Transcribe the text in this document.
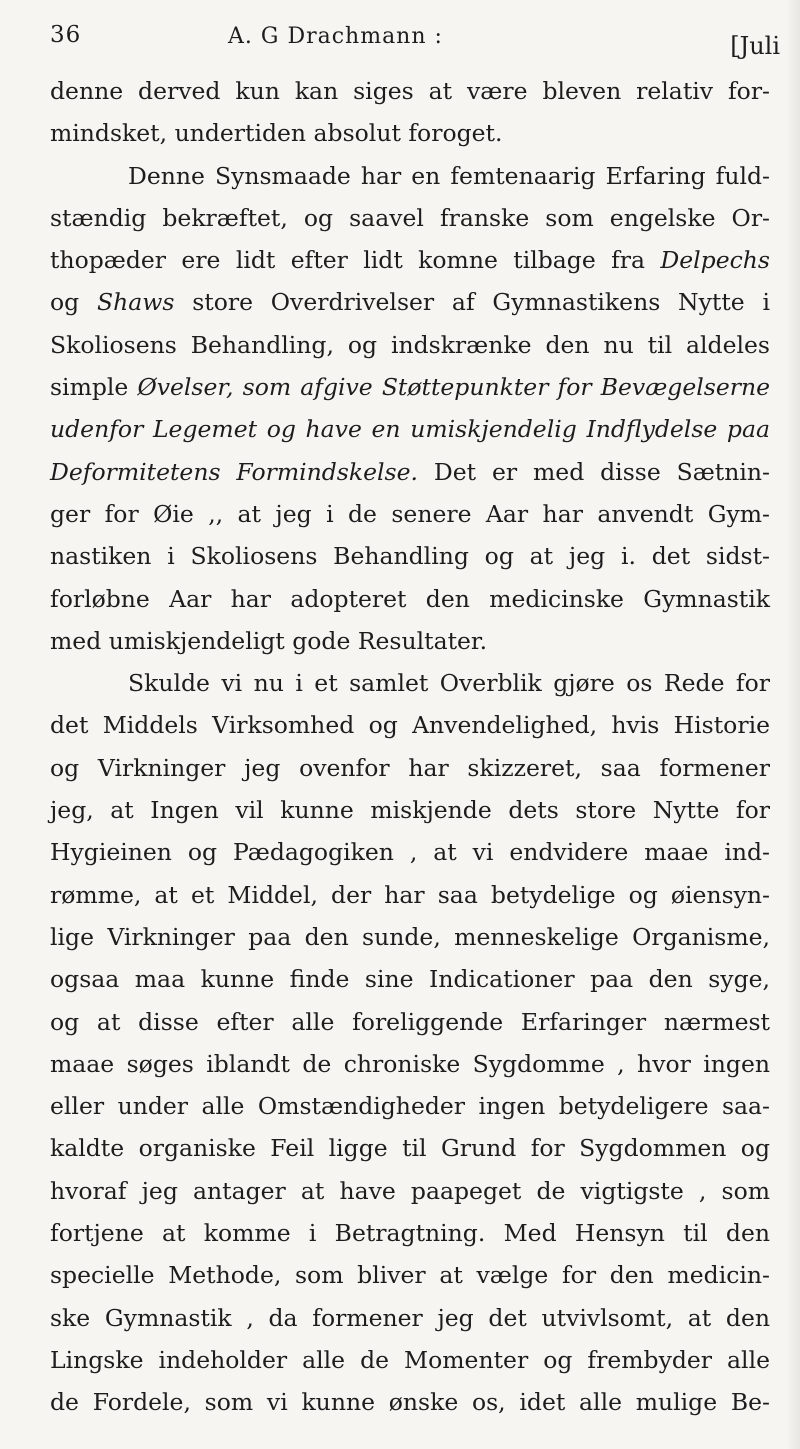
36	A. G Drachmann :	[Juli

denne derved kun kan siges at være bleven relativ for-

mindsket, undertiden absolut foroget.

Denne Synsmaade har en femtenaarig Erfaring fuld-

stændig bekræftet, og saavel franske som engelske Or-

thopæder ere lidt efter lidt komne tilbage fra Delpechs

og Shaws store Overdrivelser af Gymnastikens Nytte i

Skoliosens Behandling, og indskrænke den nu til aldeles

simple Øvelser, som afgive Støttepunkter for Bevægelserne

udenfor Legemet og have en umiskjendelig Indflydelse paa

Deformitetens Formindskelse. Det er med disse Sætnin-

ger for Øie ,, at jeg i de senere Aar har anvendt Gym-

nastiken i Skoliosens Behandling og at jeg i. det sidst-

forløbne Aar har adopteret den medicinske Gymnastik

med umiskjendeligt gode Resultater.

Skulde vi nu i et samlet Overblik gjøre os Rede for

det Middels Virksomhed og Anvendelighed, hvis Historie

og Virkninger jeg ovenfor har skizzeret, saa formener

jeg, at Ingen vil kunne miskjende dets store Nytte for

Hygieinen og Pædagogiken , at vi endvidere maae ind-

rømme, at et Middel, der har saa betydelige og øiensyn-

lige Virkninger paa den sunde, menneskelige Organisme,

ogsaa maa kunne finde sine Indicationer paa den syge,

og at disse efter alle foreliggende Erfaringer nærmest

maae søges iblandt de chroniske Sygdomme , hvor ingen

eller under alle Omstændigheder ingen betydeligere saa-

kaldte organiske Feil ligge til Grund for Sygdommen og

hvoraf jeg antager at have paapeget de vigtigste , som

fortjene at komme i Betragtning. Med Hensyn til den

specielle Methode, som bliver at vælge for den medicin-

ske Gymnastik , da formener jeg det utvivlsomt, at den

Lingske indeholder alle de Momenter og frembyder alle

de Fordele, som vi kunne ønske os, idet alle mulige Be-
